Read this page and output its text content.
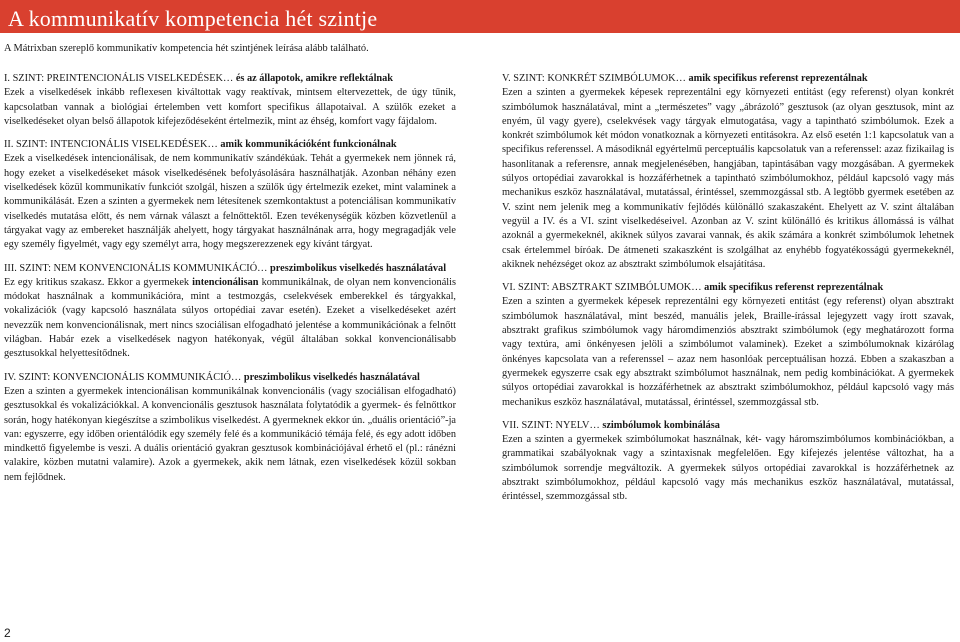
A kommunikatív kompetencia hét szintje
A Mátrixban szereplő kommunikatív kompetencia hét szintjének leírása alább található.

I. SZINT: PREINTENCIONÁLIS VISELKEDÉSEK… és az állapotok, amikre reflektálnak

Ezek a viselkedések inkább reflexesen kiváltottak vagy reaktívak, mintsem eltervezettek, de úgy tűnik, kapcsolatban vannak a biológiai értelemben vett komfort specifikus állapotaival. A szülők ezeket a viselkedéseket olyan belső állapotok kifejeződéseként értelmezik, mint az éhség, komfort vagy fájdalom.

II. SZINT: INTENCIONÁLIS VISELKEDÉSEK… amik kommunikációként funkcionálnak

Ezek a viselkedések intencionálisak, de nem kommunikatív szándékúak. Tehát a gyermekek nem jönnek rá, hogy ezeket a viselkedéseket mások viselkedésének befolyásolására használhatják. Azonban néhány ezen viselkedések közül kommunikatív funkciót szolgál, hiszen a szülők úgy értelmezik ezeket, mint valaminek a kommunikálását. Ezen a szinten a gyermekek nem létesítenek szemkontaktust a potenciálisan kommunikatív viselkedés mutatása előtt, és nem várnak választ a felnőttektől. Ezen tevékenységük közben közvetlenül a tárgyakat vagy az embereket használják ahelyett, hogy tárgyakat használnának arra, hogy megragadják vele egy személy figyelmét, vagy egy személyt arra, hogy megszerezzenek egy kívánt tárgyat.

III. SZINT: NEM KONVENCIONÁLIS KOMMUNIKÁCIÓ… preszimbolikus viselkedés használatával

Ez egy kritikus szakasz. Ekkor a gyermekek intencionálisan kommunikálnak, de olyan nem konvencionális módokat használnak a kommunikációra, mint a testmozgás, cselekvések emberekkel és tárgyakkal, vokalizációk (vagy kapcsoló használata súlyos ortopédiai zavar esetén). Ezeket a viselkedéseket azért nevezzük nem konvencionálisnak, mert nincs szociálisan elfogadható jelentése a kommunikációnak a felnőtt világban. Habár ezek a viselkedések nagyon hatékonyak, végül általában sokkal konvencionálisabb gesztusokkal helyettesítődnek.

IV. SZINT: KONVENCIONÁLIS KOMMUNIKÁCIÓ… preszimbolikus viselkedés használatával

Ezen a szinten a gyermekek intencionálisan kommunikálnak konvencionális (vagy szociálisan elfogadható) gesztusokkal és vokalizációkkal. A konvencionális gesztusok használata folytatódik a gyermek- és felnőttkor során, hogy hatékonyan kiegészítse a szimbolikus viselkedést. A gyermeknek ekkor ún. „duális orientáció”-ja van: egyszerre, egy időben orientálódik egy személy felé és a kommunikáció témája felé, és egy adott időben mindkettő figyelembe is veszi. A duális orientáció gyakran gesztusok kombinációjával érhető el (pl.: ránézni valakire, közben mutatni valamire). Azok a gyermekek, akik nem látnak, ezen viselkedések közül sokban nem fejlődnek.

V. SZINT: KONKRÉT SZIMBÓLUMOK… amik specifikus referenst reprezentálnak

Ezen a szinten a gyermekek képesek reprezentálni egy környezeti entitást (egy referenst) olyan konkrét szimbólumok használatával, mint a „természetes” vagy „ábrázoló” gesztusok (az olyan gesztusok, mint az enyém, ül vagy gyere), cselekvések vagy tárgyak elmutogatása, vagy a tapintható szimbólumok. Ezek a konkrét szimbólumok két módon vonatkoznak a környezeti entitásokra. Az első esetén 1:1 kapcsolatuk van a specifikus referenssel. A másodiknál egyértelmű perceptuális kapcsolatuk van a referenssel: azaz fizikailag is hasonlítanak a referensre, annak megjelenésében, hangjában, tapintásában vagy mozgásában. A gyermekek súlyos ortopédiai zavarokkal is hozzáférhetnek a tapintható szimbólumokhoz, például kapcsoló vagy más mechanikus eszköz használatával, mutatással, érintéssel, szemmozgással stb. A legtöbb gyermek esetében az V. szint nem jelenik meg a kommunikatív fejlődés különálló szakaszaként. Ehelyett az V. szint általában vegyül a IV. és a VI. szint viselkedéseivel. Azonban az V. szint különálló és kritikus állomássá is válhat azoknál a gyermekeknél, akiknek súlyos zavarai vannak, és akik számára a konkrét szimbólumok lehetnek csak értelemmel bíróak. De átmeneti szakaszként is szolgálhat az enyhébb fogyatékosságú gyermekeknél, akiknek nehézséget okoz az absztrakt szimbólumok elsajátítása.

VI. SZINT: ABSZTRAKT SZIMBÓLUMOK… amik specifikus referenst reprezentálnak

Ezen a szinten a gyermekek képesek reprezentálni egy környezeti entitást (egy referenst) olyan absztrakt szimbólumok használatával, mint beszéd, manuális jelek, Braille-írással lejegyzett vagy írott szavak, absztrakt grafikus szimbólumok vagy háromdimenziós absztrakt szimbólumok (egy meghatározott forma vagy textúra, ami önkényesen jelöli a szimbólumot valaminek). Ezeket a szimbólumoknak kizárólag önkényes kapcsolata van a referenssel – azaz nem hasonlóak perceptuálisan hozzá. Ebben a szakaszban a gyermekek egyszerre csak egy absztrakt szimbólumot használnak, nem pedig kombinációkat. A gyermekek súlyos ortopédiai zavarokkal is hozzáférhetnek az absztrakt szimbólumokhoz, például kapcsoló vagy más mechanikus eszköz használatával, mutatással, érintéssel, szemmozgással stb.

VII. SZINT: NYELV… szimbólumok kombinálása

Ezen a szinten a gyermekek szimbólumokat használnak, két- vagy háromszimbólumos kombinációkban, a grammatikai szabályoknak vagy a szintaxisnak megfelelően. Egy kifejezés jelentése változhat, ha a szimbólumok sorrendje megváltozik. A gyermekek súlyos ortopédiai zavarokkal is hozzáférhetnek az absztrakt szimbólumokhoz, például kapcsoló vagy más mechanikus eszköz használatával, mutatással, érintéssel, szemmozgással stb.

2
